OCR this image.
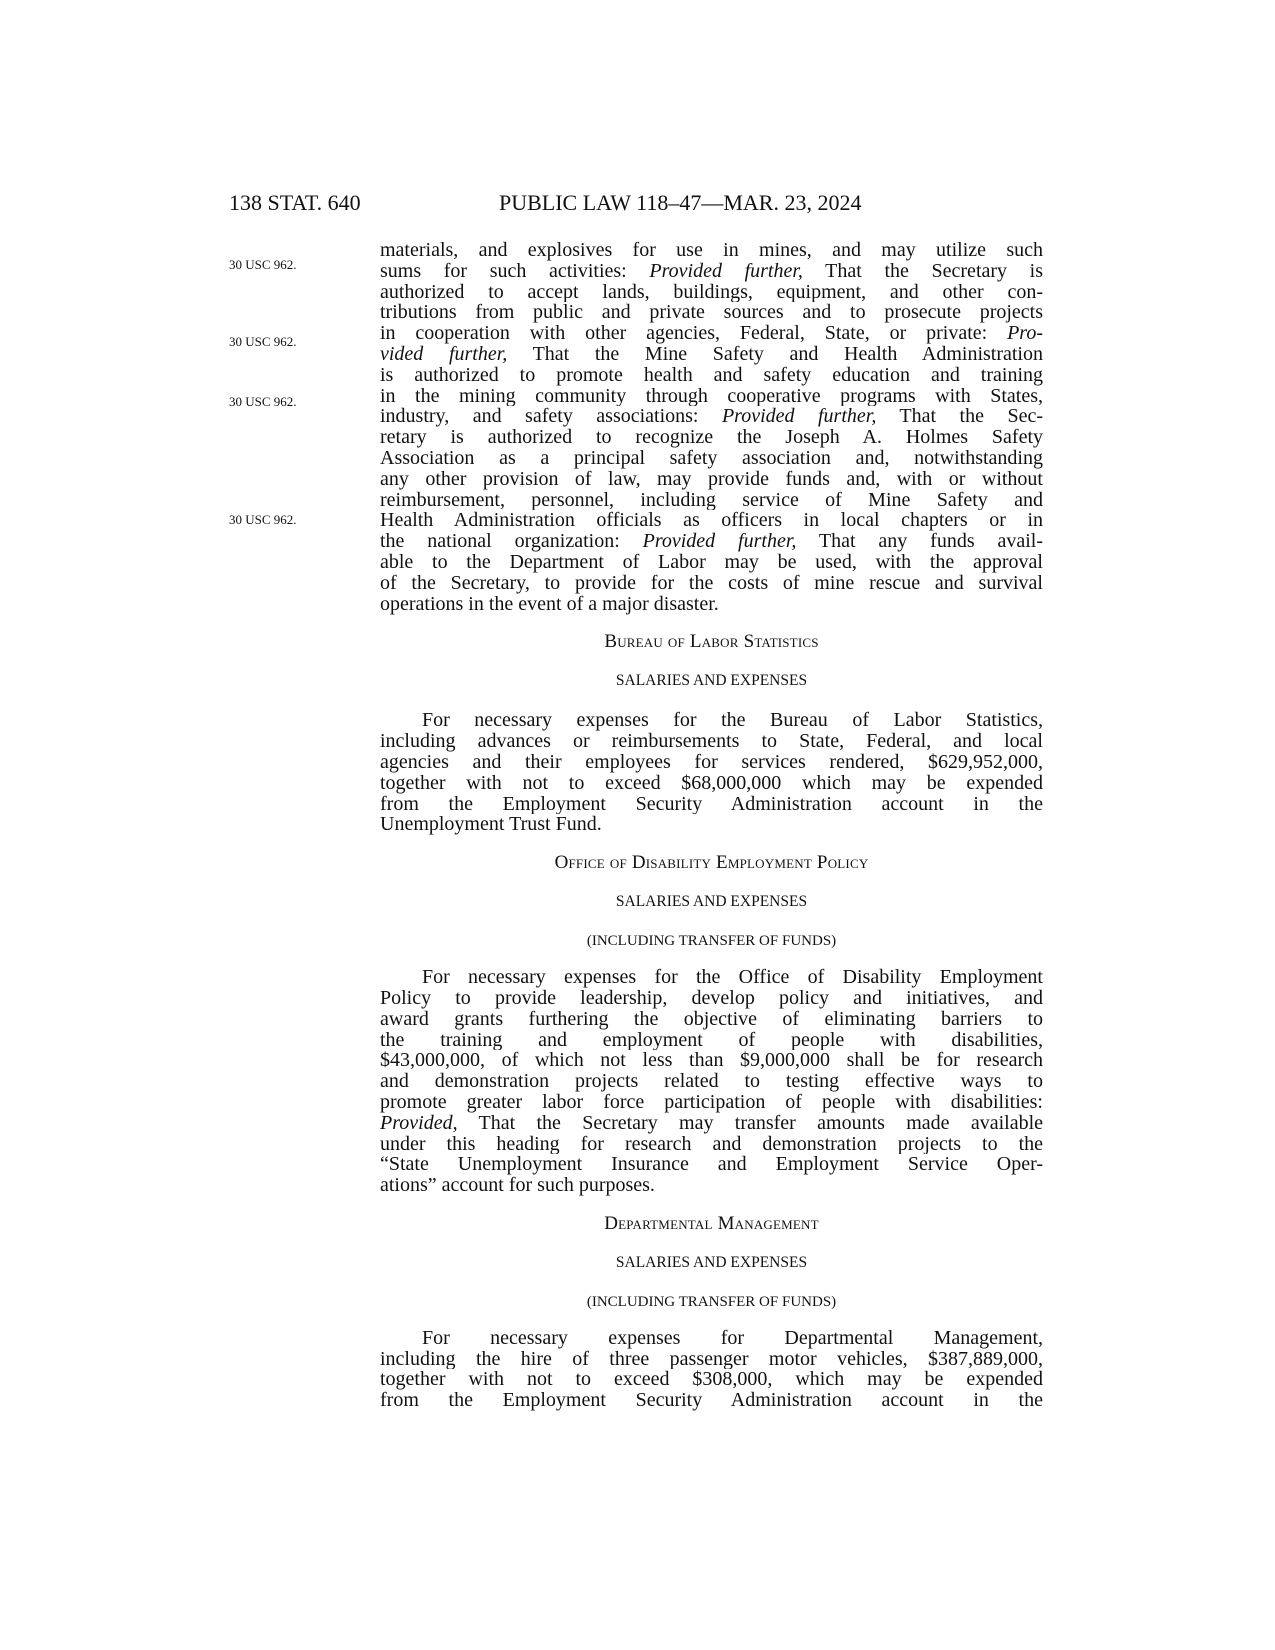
138 STAT. 640	PUBLIC LAW 118–47—MAR. 23, 2024
30 USC 962.
30 USC 962.
30 USC 962.
30 USC 962.
materials, and explosives for use in mines, and may utilize such
sums for such activities: Provided further, That the Secretary is
authorized to accept lands, buildings, equipment, and other con-
tributions from public and private sources and to prosecute projects
in cooperation with other agencies, Federal, State, or private: Pro-
vided further, That the Mine Safety and Health Administration
is authorized to promote health and safety education and training
in the mining community through cooperative programs with States,
industry, and safety associations: Provided further, That the Sec-
retary is authorized to recognize the Joseph A. Holmes Safety
Association as a principal safety association and, notwithstanding
any other provision of law, may provide funds and, with or without
reimbursement, personnel, including service of Mine Safety and
Health Administration officials as officers in local chapters or in
the national organization: Provided further, That any funds avail-
able to the Department of Labor may be used, with the approval
of the Secretary, to provide for the costs of mine rescue and survival
operations in the event of a major disaster.
Bureau of Labor Statistics
SALARIES AND EXPENSES
For necessary expenses for the Bureau of Labor Statistics,
including advances or reimbursements to State, Federal, and local
agencies and their employees for services rendered, $629,952,000,
together with not to exceed $68,000,000 which may be expended
from the Employment Security Administration account in the
Unemployment Trust Fund.
Office of Disability Employment Policy
SALARIES AND EXPENSES
(INCLUDING TRANSFER OF FUNDS)
For necessary expenses for the Office of Disability Employment
Policy to provide leadership, develop policy and initiatives, and
award grants furthering the objective of eliminating barriers to
the training and employment of people with disabilities,
$43,000,000, of which not less than $9,000,000 shall be for research
and demonstration projects related to testing effective ways to
promote greater labor force participation of people with disabilities:
Provided, That the Secretary may transfer amounts made available
under this heading for research and demonstration projects to the
“State Unemployment Insurance and Employment Service Oper-
ations” account for such purposes.
Departmental Management
SALARIES AND EXPENSES
(INCLUDING TRANSFER OF FUNDS)
For necessary expenses for Departmental Management,
including the hire of three passenger motor vehicles, $387,889,000,
together with not to exceed $308,000, which may be expended
from the Employment Security Administration account in the
